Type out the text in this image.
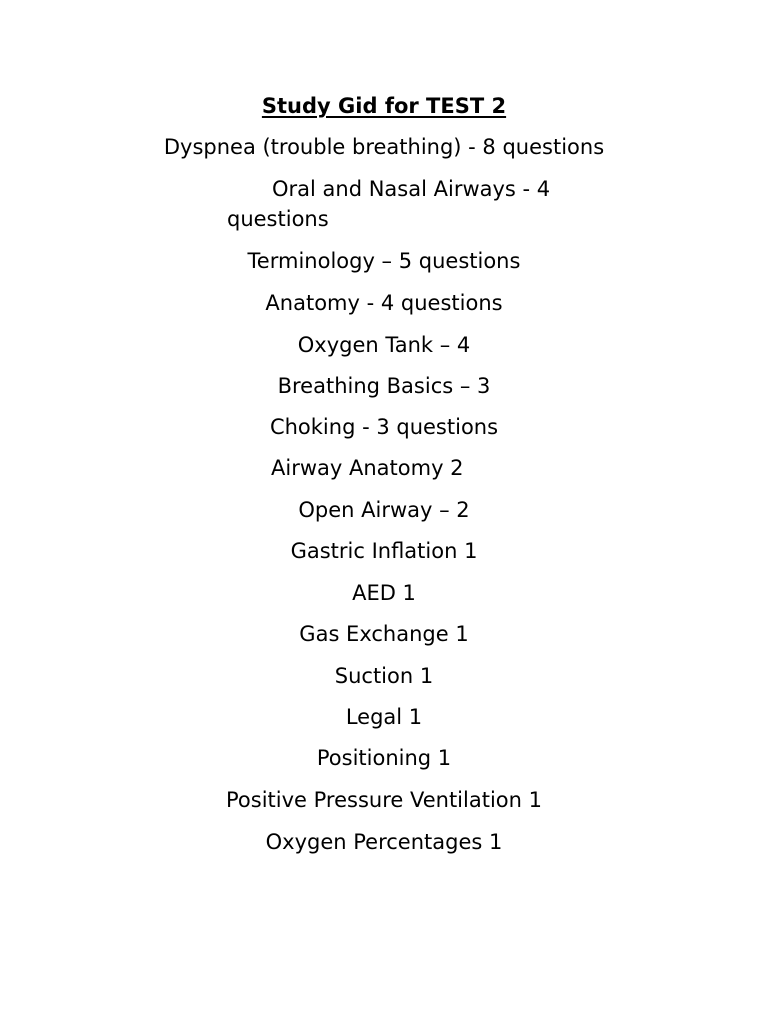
Study Gid for TEST 2
Dyspnea (trouble breathing) - 8 questions
Oral and Nasal Airways - 4
questions
Terminology – 5 questions
Anatomy - 4 questions
Oxygen Tank – 4
Breathing Basics – 3
Choking - 3 questions
Airway Anatomy 2
Open Airway – 2
Gastric Inflation 1
AED 1
Gas Exchange 1
Suction 1
Legal 1
Positioning 1
Positive Pressure Ventilation 1
Oxygen Percentages 1
